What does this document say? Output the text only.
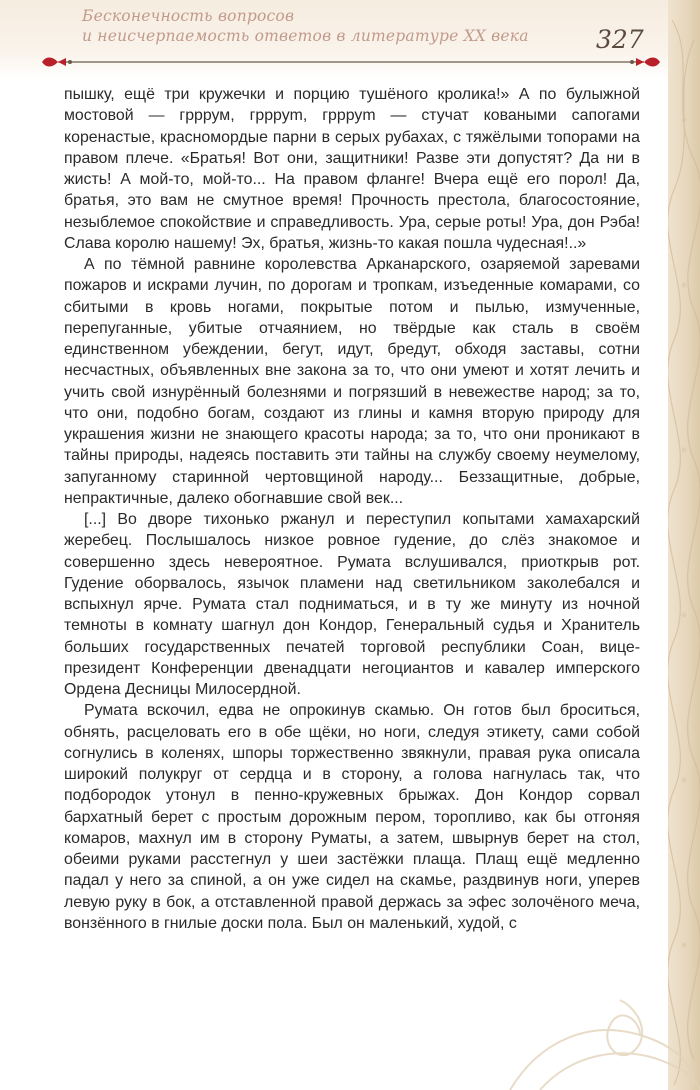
Бесконечность вопросов
и неисчерпаемость ответов в литературе ХХ века	327

пышку, ещё три кружечки и порцию тушёного кролика!» А по булыжной мостовой — грррум, гррруm, гррруm — стучат коваными сапогами коренастые, красномордые парни в серых рубахах, с тяжёлыми топорами на правом плече. «Братья! Вот они, защитники! Разве эти допустят? Да ни в жисть! А мой-то, мой-то... На правом фланге! Вчера ещё его порол! Да, братья, это вам не смутное время! Прочность престола, благосостояние, незыблемое спокойствие и справедливость. Ура, серые роты! Ура, дон Рэба! Слава королю нашему! Эх, братья, жизнь-то какая пошла чудесная!..»

А по тёмной равнине королевства Арканарского, озаряемой заревами пожаров и искрами лучин, по дорогам и тропкам, изъеденные комарами, со сбитыми в кровь ногами, покрытые потом и пылью, измученные, перепуганные, убитые отчаянием, но твёрдые как сталь в своём единственном убеждении, бегут, идут, бредут, обходя заставы, сотни несчастных, объявленных вне закона за то, что они умеют и хотят лечить и учить свой изнурённый болезнями и погрязший в невежестве народ; за то, что они, подобно богам, создают из глины и камня вторую природу для украшения жизни не знающего красоты народа; за то, что они проникают в тайны природы, надеясь поставить эти тайны на службу своему неумелому, запуганному старинной чертовщиной народу... Беззащитные, добрые, непрактичные, далеко обогнавшие свой век...

[...] Во дворе тихонько ржанул и переступил копытами хамахарский жеребец. Послышалось низкое ровное гудение, до слёз знакомое и совершенно здесь невероятное. Румата вслушивался, приоткрыв рот. Гудение оборвалось, язычок пламени над светильником заколебался и вспыхнул ярче. Румата стал подниматься, и в ту же минуту из ночной темноты в комнату шагнул дон Кондор, Генеральный судья и Хранитель больших государственных печатей торговой республики Соан, вице-президент Конференции двенадцати негоциантов и кавалер имперского Ордена Десницы Милосердной.

Румата вскочил, едва не опрокинув скамью. Он готов был броситься, обнять, расцеловать его в обе щёки, но ноги, следуя этикету, сами собой согнулись в коленях, шпоры торжественно звякнули, правая рука описала широкий полукруг от сердца и в сторону, а голова нагнулась так, что подбородок утонул в пенно-кружевных брыжах. Дон Кондор сорвал бархатный берет с простым дорожным пером, торопливо, как бы отгоняя комаров, махнул им в сторону Руматы, а затем, швырнув берет на стол, обеими руками расстегнул у шеи застёжки плаща. Плащ ещё медленно падал у него за спиной, а он уже сидел на скамье, раздвинув ноги, уперев левую руку в бок, а отставленной правой держась за эфес золочёного меча, вонзённого в гнилые доски пола. Был он маленький, худой, с
